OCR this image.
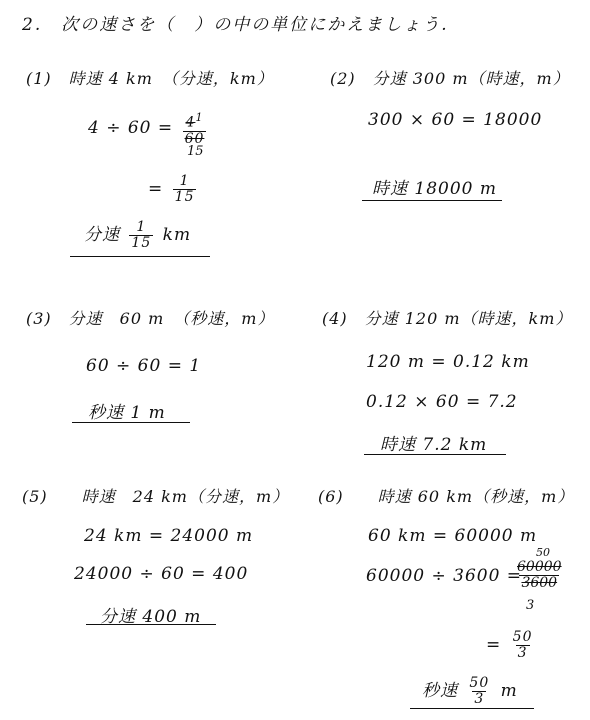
2.　次の速さを（　）の中の単位にかえましょう.
(1)　時速 4 km　（分速，km）
$4 \div 60 = \frac{4^1}{60}$
15
= $\frac{1}{15}$
分速 $\frac{1}{15}$ km
(2)　分速 300 m（時速，m）
300 × 60 = 18000
時速 18000 m
(3)　分速　60 m　（秒速，m）
60 ÷ 60 = 1
秒速 1 m
(4)　分速 120 m（時速，km）
120 m = 0.12 km
0.12 × 60 = 7.2
時速 7.2 km
(5)　　時速　24 km（分速，m）
24 km = 24000 m
24000 ÷ 60 = 400
分速 400 m
(6)　　時速 60 km（秒速，m）
60 km = 60000 m
60000 ÷ 3600 =
50
$\frac{60000}{3600}$
3
= $\frac{50}{3}$
秒速 $\frac{50}{3}$ m
